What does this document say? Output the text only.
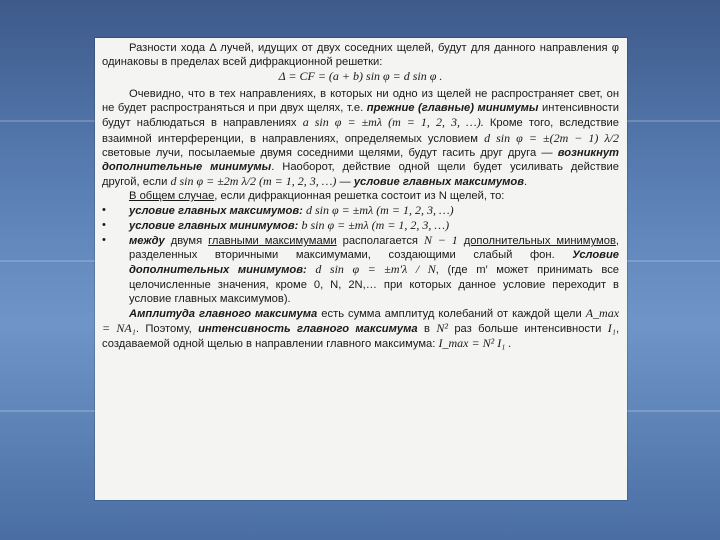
Разности хода Δ лучей, идущих от двух соседних щелей, будут для данного направления φ одинаковы в пределах всей дифракционной решетки:

Δ = CF = (a + b) sin φ = d sin φ .

Очевидно, что в тех направлениях, в которых ни одно из щелей не распространяет свет, он не будет распространяться и при двух щелях, т.е. прежние (главные) минимумы интенсивности будут наблюдаться в направлениях a sin φ = ±mλ (m = 1, 2, 3, …). Кроме того, вследствие взаимной интерференции, в направлениях, определяемых условием d sin φ = ±(2m − 1) λ/2 световые лучи, посылаемые двумя соседними щелями, будут гасить друг друга — возникнут дополнительные минимумы. Наоборот, действие одной щели будет усиливать действие другой, если d sin φ = ±2m λ/2 (m = 1, 2, 3, …) — условие главных максимумов.

В общем случае, если дифракционная решетка состоит из N щелей, то:

• условие главных максимумов: d sin φ = ±mλ (m = 1, 2, 3, …)

• условие главных минимумов: b sin φ = ±mλ (m = 1, 2, 3, …)

• между двумя главными максимумами располагается N − 1 дополнительных минимумов, разделенных вторичными максимумами, создающими слабый фон. Условие дополнительных минимумов: d sin φ = ±m′λ / N, (где m′ может принимать все целочисленные значения, кроме 0, N, 2N,… при которых данное условие переходит в условие главных максимумов).

Амплитуда главного максимума есть сумма амплитуд колебаний от каждой щели A_max = NA₁. Поэтому, интенсивность главного максимума в N² раз больше интенсивности I₁, создаваемой одной щелью в направлении главного максимума: I_max = N² I₁ .
